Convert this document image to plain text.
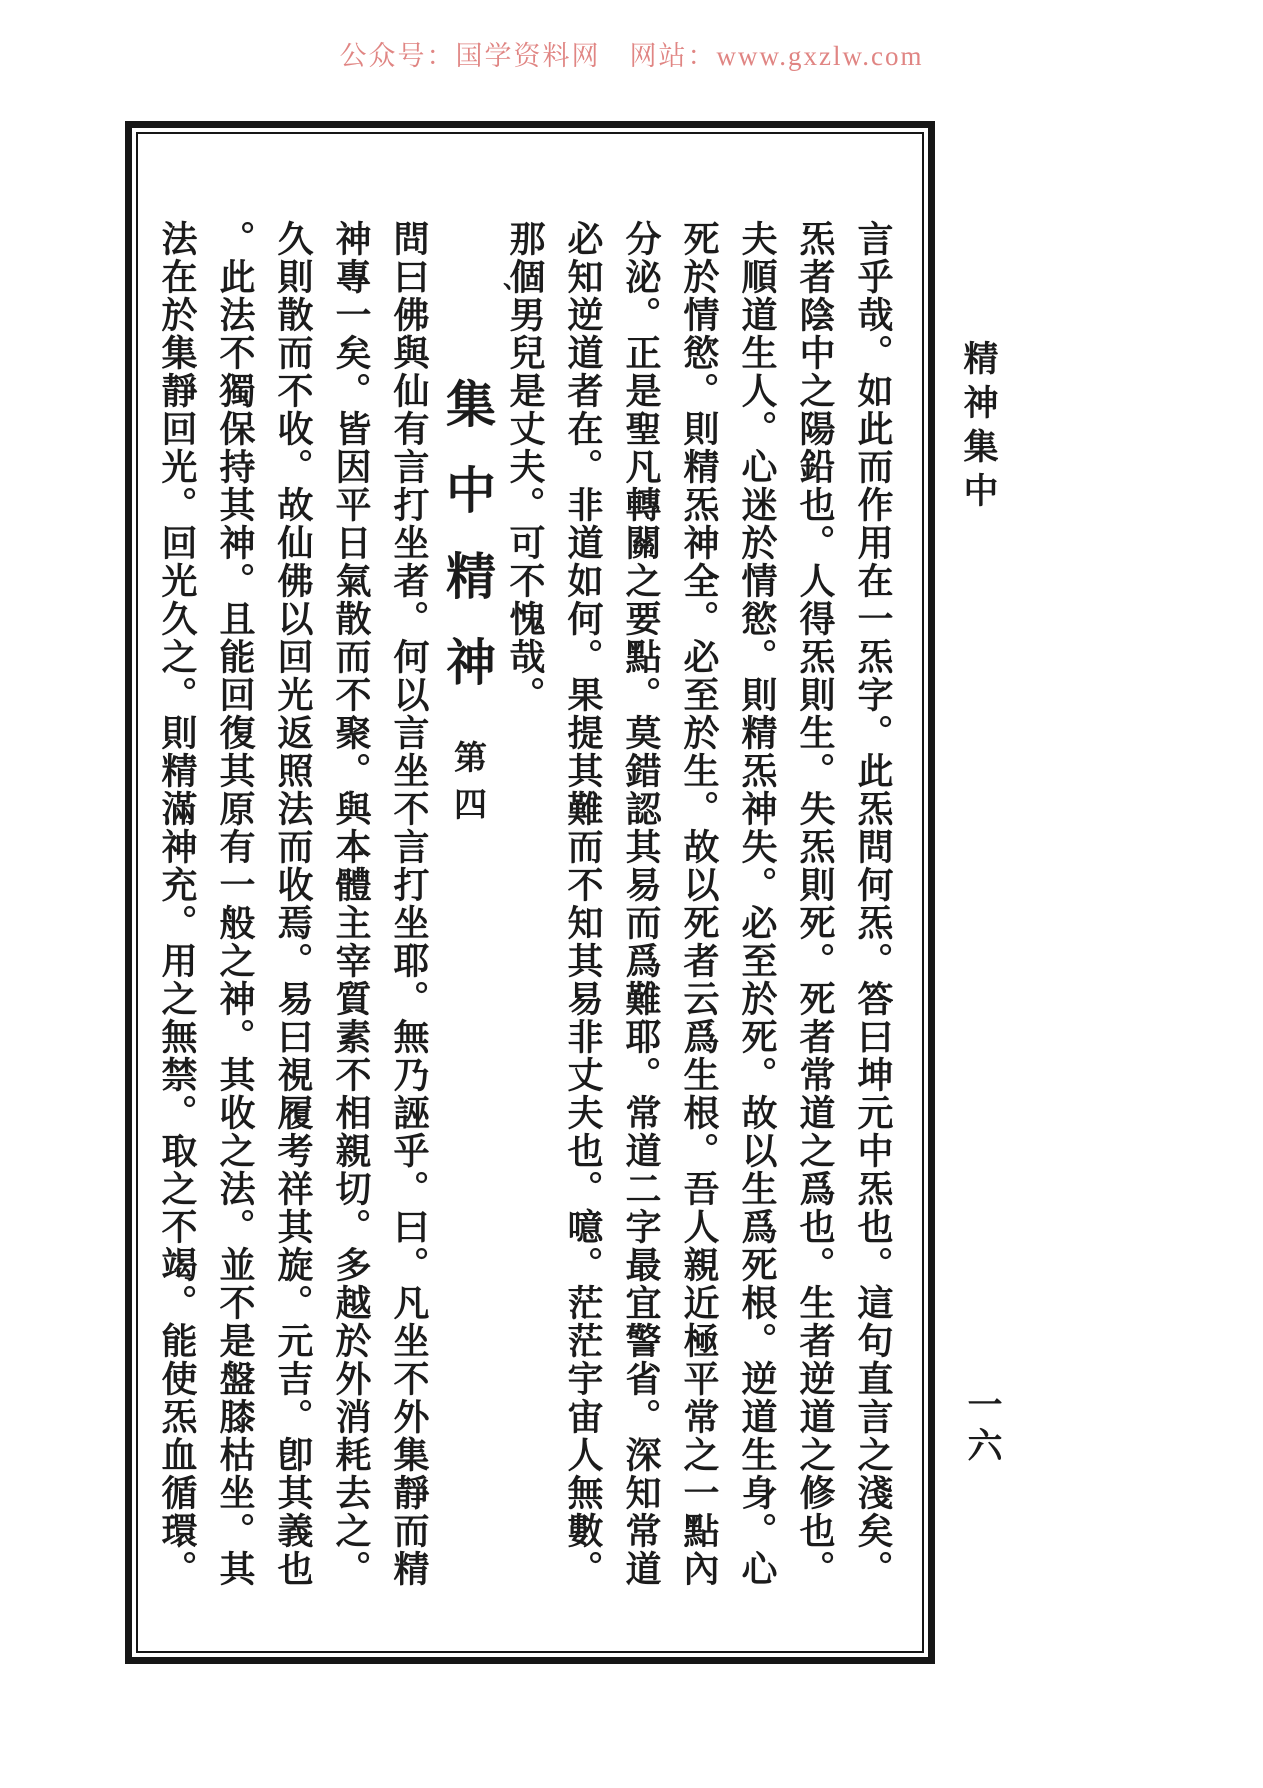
公众号：国学资料网　网站：www.gxzlw.com
言乎哉。如此而作用在一炁字。此炁問何炁。答曰坤元中炁也。這句直言之淺矣。
炁者陰中之陽鉛也。人得炁則生。失炁則死。死者常道之爲也。生者逆道之修也。
夫順道生人。心迷於情慾。則精炁神失。必至於死。故以生爲死根。逆道生身。心
死於情慾。則精炁神全。必至於生。故以死者云爲生根。吾人親近極平常之一點內
分泌。正是聖凡轉關之要點。莫錯認其易而爲難耶。常道二字最宜警省。深知常道
必知逆道者在。非道如何。果提其難而不知其易非丈夫也。噫。茫茫宇宙人無數。
那個男兒是丈夫。可不愧哉。
、
集中精神第四
問曰佛與仙有言打坐者。何以言坐不言打坐耶。無乃誣乎。曰。凡坐不外集靜而精
神專一矣。皆因平日氣散而不聚。與本體主宰質素不相親切。多越於外消耗去之。
久則散而不收。故仙佛以回光返照法而收焉。易曰視履考祥其旋。元吉。卽其義也
。此法不獨保持其神。且能回復其原有一般之神。其收之法。並不是盤膝枯坐。其
法在於集靜回光。回光久之。則精滿神充。用之無禁。取之不竭。能使炁血循環。	精神集中
一六
